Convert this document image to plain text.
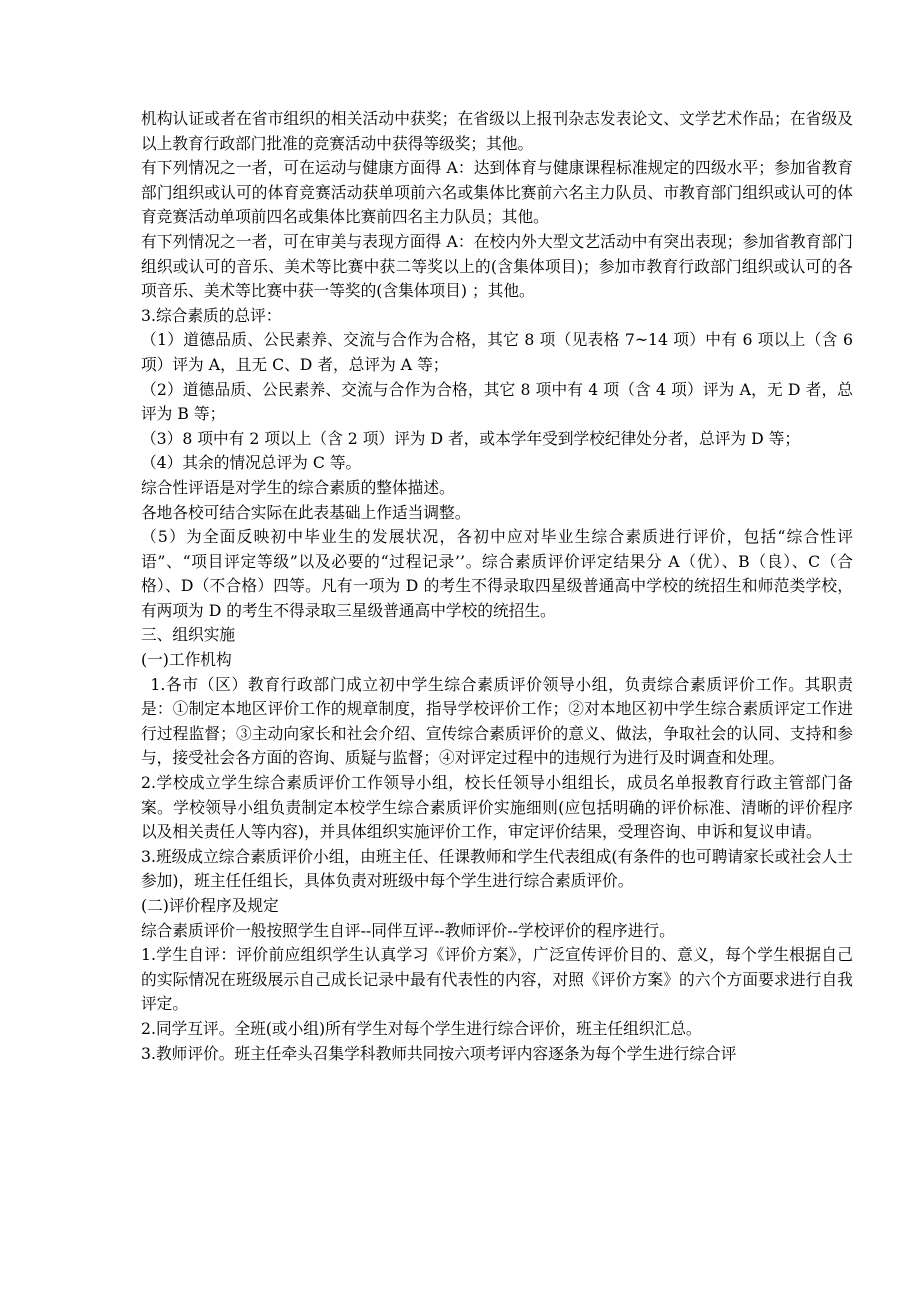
机构认证或者在省市组织的相关活动中获奖；在省级以上报刊杂志发表论文、文学艺术作品；在省级及以上教育行政部门批准的竞赛活动中获得等级奖；其他。

有下列情况之一者，可在运动与健康方面得 A：达到体育与健康课程标准规定的四级水平；参加省教育部门组织或认可的体育竞赛活动获单项前六名或集体比赛前六名主力队员、市教育部门组织或认可的体育竞赛活动单项前四名或集体比赛前四名主力队员；其他。

有下列情况之一者，可在审美与表现方面得 A：在校内外大型文艺活动中有突出表现；参加省教育部门组织或认可的音乐、美术等比赛中获二等奖以上的(含集体项目)；参加市教育行政部门组织或认可的各项音乐、美术等比赛中获一等奖的(含集体项目) ；其他。

3.综合素质的总评：

（1）道德品质、公民素养、交流与合作为合格，其它 8 项（见表格 7~14 项）中有 6 项以上（含 6 项）评为 A，且无 C、D 者，总评为 A 等；

（2）道德品质、公民素养、交流与合作为合格，其它 8 项中有 4 项（含 4 项）评为 A，无 D 者，总评为 B 等；

（3）8 项中有 2 项以上（含 2 项）评为 D 者，或本学年受到学校纪律处分者，总评为 D 等；

（4）其余的情况总评为 C 等。

综合性评语是对学生的综合素质的整体描述。

各地各校可结合实际在此表基础上作适当调整。

（5）为全面反映初中毕业生的发展状况，各初中应对毕业生综合素质进行评价，包括“综合性评语”、“项目评定等级”以及必要的“过程记录’’。综合素质评价评定结果分 A（优）、B（良）、C（合格）、D（不合格）四等。凡有一项为 D 的考生不得录取四星级普通高中学校的统招生和师范类学校，有两项为 D 的考生不得录取三星级普通高中学校的统招生。

三、组织实施

(一)工作机构

1.各市（区）教育行政部门成立初中学生综合素质评价领导小组，负责综合素质评价工作。其职责是：①制定本地区评价工作的规章制度，指导学校评价工作；②对本地区初中学生综合素质评定工作进行过程监督；③主动向家长和社会介绍、宣传综合素质评价的意义、做法，争取社会的认同、支持和参与，接受社会各方面的咨询、质疑与监督；④对评定过程中的违规行为进行及时调查和处理。

2.学校成立学生综合素质评价工作领导小组，校长任领导小组组长，成员名单报教育行政主管部门备案。学校领导小组负责制定本校学生综合素质评价实施细则(应包括明确的评价标准、清晰的评价程序以及相关责任人等内容)，并具体组织实施评价工作，审定评价结果，受理咨询、申诉和复议申请。

3.班级成立综合素质评价小组，由班主任、任课教师和学生代表组成(有条件的也可聘请家长或社会人士参加)，班主任任组长，具体负责对班级中每个学生进行综合素质评价。

(二)评价程序及规定

综合素质评价一般按照学生自评--同伴互评--教师评价--学校评价的程序进行。

1.学生自评：评价前应组织学生认真学习《评价方案》，广泛宣传评价目的、意义，每个学生根据自己的实际情况在班级展示自己成长记录中最有代表性的内容，对照《评价方案》的六个方面要求进行自我评定。

2.同学互评。全班(或小组)所有学生对每个学生进行综合评价，班主任组织汇总。

3.教师评价。班主任牵头召集学科教师共同按六项考评内容逐条为每个学生进行综合评
